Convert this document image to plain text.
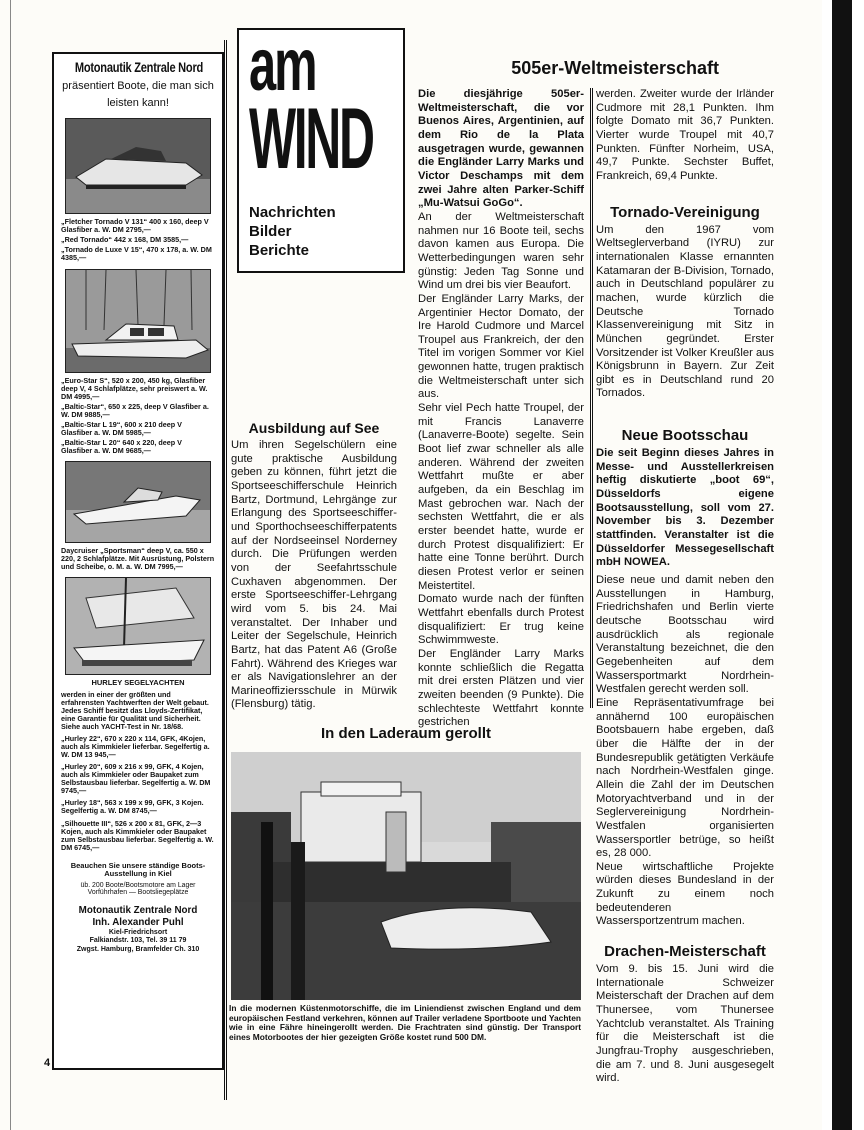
Motonautik Zentrale Nord
präsentiert Boote, die man sich leisten kann!
„Fletcher Tornado V 131“ 400 x 160, deep V Glasfiber a. W. DM 2795,—
„Red Tornado“ 442 x 168, DM 3585,—
„Tornado de Luxe V 15“, 470 x 178, a. W. DM 4385,—
„Euro-Star S“, 520 x 200, 450 kg, Glasfiber deep V, 4 Schlafplätze, sehr preiswert a. W. DM 4995,—
„Baltic-Star“, 650 x 225, deep V Glasfiber a. W. DM 9885,—
„Baltic-Star L 19“, 600 x 210 deep V Glasfiber a. W. DM 5985,—
„Baltic-Star L 20“ 640 x 220, deep V Glasfiber a. W. DM 9685,—
Daycruiser „Sportsman“ deep V, ca. 550 x 220, 2 Schlafplätze. Mit Ausrüstung, Polstern und Scheibe, o. M. a. W. DM 7995,—
HURLEY SEGELYACHTEN
werden in einer der größten und erfahrensten Yachtwerften der Welt gebaut. Jedes Schiff besitzt das Lloyds-Zertifikat, eine Garantie für Qualität und Sicherheit. Siehe auch YACHT-Test in Nr. 18/68.
„Hurley 22“, 670 x 220 x 114, GFK, 4Kojen, auch als Kimmkieler lieferbar. Segelfertig a. W. DM 13 945,—
„Hurley 20“, 609 x 216 x 99, GFK, 4 Kojen, auch als Kimmkieler oder Baupaket zum Selbstausbau lieferbar. Segelfertig a. W. DM 9745,—
„Hurley 18“, 563 x 199 x 99, GFK, 3 Kojen. Segelfertig a. W. DM 8745,—
„Silhouette III“, 526 x 200 x 81, GFK, 2—3 Kojen, auch als Kimmkieler oder Baupaket zum Selbstausbau lieferbar. Segelfertig a. W. DM 6745,—
Beauchen Sie unsere ständige Boots-Ausstellung in Kiel
üb. 200 Boote/Bootsmotore am Lager Vorführhafen — Bootsliegeplätze
Motonautik Zentrale Nord
Inh. Alexander Puhl
Kiel-Friedrichsort
Falkiandstr. 103, Tel. 39 11 79
Zwgst. Hamburg, Bramfelder Ch. 310
4
am
WIND
Nachrichten
Bilder
Berichte
Ausbildung auf See
Um ihren Segelschülern eine gute praktische Ausbildung geben zu können, führt jetzt die Sportseeschifferschule Heinrich Bartz, Dortmund, Lehrgänge zur Erlangung des Sportseeschiffer- und Sporthochseeschifferpatents auf der Nordseeinsel Norderney durch. Die Prüfungen werden von der Seefahrtsschule Cuxhaven abgenommen. Der erste Sportseeschiffer-Lehrgang wird vom 5. bis 24. Mai veranstaltet. Der Inhaber und Leiter der Segelschule, Heinrich Bartz, hat das Patent A6 (Große Fahrt). Während des Krieges war er als Navigationslehrer an der Marineoffiziersschule in Mürwik (Flensburg) tätig.
505er-Weltmeisterschaft
Die diesjährige 505er-Weltmeisterschaft, die vor Buenos Aires, Argentinien, auf dem Rio de la Plata ausgetragen wurde, gewannen die Engländer Larry Marks und Victor Deschamps mit dem zwei Jahre alten Parker-Schiff „Mu-Watsui GoGo“.
An der Weltmeisterschaft nahmen nur 16 Boote teil, sechs davon kamen aus Europa. Die Wetterbedingungen waren sehr günstig: Jeden Tag Sonne und Wind um drei bis vier Beaufort.
Der Engländer Larry Marks, der Argentinier Hector Domato, der Ire Harold Cudmore und Marcel Troupel aus Frankreich, der den Titel im vorigen Sommer vor Kiel gewonnen hatte, trugen praktisch die Weltmeisterschaft unter sich aus.
Sehr viel Pech hatte Troupel, der mit Francis Lanaverre (Lanaverre-Boote) segelte. Sein Boot lief zwar schneller als alle anderen. Während der zweiten Wettfahrt mußte er aber aufgeben, da ein Beschlag im Mast gebrochen war. Nach der sechsten Wettfahrt, die er als erster beendet hatte, wurde er durch Protest disqualifiziert: Er hatte eine Tonne berührt. Durch diesen Protest verlor er seinen Meistertitel.
Domato wurde nach der fünften Wettfahrt ebenfalls durch Protest disqualifiziert: Er trug keine Schwimmweste.
Der Engländer Larry Marks konnte schließlich die Regatta mit drei ersten Plätzen und vier zweiten beenden (9 Punkte). Die schlechteste Wettfahrt konnte gestrichen
werden. Zweiter wurde der Irländer Cudmore mit 28,1 Punkten. Ihm folgte Domato mit 36,7 Punkten. Vierter wurde Troupel mit 40,7 Punkten. Fünfter Norheim, USA, 49,7 Punkte. Sechster Buffet, Frankreich, 69,4 Punkte.
Tornado-Vereinigung
Um den 1967 vom Weltseglerverband (IYRU) zur internationalen Klasse ernannten Katamaran der B-Division, Tornado, auch in Deutschland populärer zu machen, wurde kürzlich die Deutsche Tornado Klassenvereinigung mit Sitz in München gegründet. Erster Vorsitzender ist Volker Kreußler aus Königsbrunn in Bayern. Zur Zeit gibt es in Deutschland rund 20 Tornados.
Neue Bootsschau
Die seit Beginn dieses Jahres in Messe- und Ausstellerkreisen heftig diskutierte „boot 69“, Düsseldorfs eigene Bootsausstellung, soll vom 27. November bis 3. Dezember stattfinden. Veranstalter ist die Düsseldorfer Messegesellschaft mbH NOWEA.
Diese neue und damit neben den Ausstellungen in Hamburg, Friedrichshafen und Berlin vierte deutsche Bootsschau wird ausdrücklich als regionale Veranstaltung bezeichnet, die den Gegebenheiten auf dem Wassersportmarkt Nordrhein-Westfalen gerecht werden soll.
Eine Repräsentativumfrage bei annähernd 100 europäischen Bootsbauern habe ergeben, daß über die Hälfte der in der Bundesrepublik getätigten Verkäufe nach Nordrhein-Westfalen ginge. Allein die Zahl der im Deutschen Motoryachtverband und in der Seglervereinigung Nordrhein-Westfalen organisierten Wassersportler betrüge, so heißt es, 28 000.
Neue wirtschaftliche Projekte würden dieses Bundesland in der Zukunft zu einem noch bedeutenderen Wassersportzentrum machen.
Drachen-Meisterschaft
Vom 9. bis 15. Juni wird die Internationale Schweizer Meisterschaft der Drachen auf dem Thunersee, vom Thunersee Yachtclub veranstaltet. Als Training für die Meisterschaft ist die Jungfrau-Trophy ausgeschrieben, die am 7. und 8. Juni ausgesegelt wird.
In den Laderaum gerollt
In die modernen Küstenmotorschiffe, die im Liniendienst zwischen England und dem europäischen Festland verkehren, können auf Trailer verladene Sportboote und Yachten wie in eine Fähre hineingerollt werden. Die Frachtraten sind günstig. Der Transport eines Motorbootes der hier gezeigten Größe kostet rund 500 DM.
